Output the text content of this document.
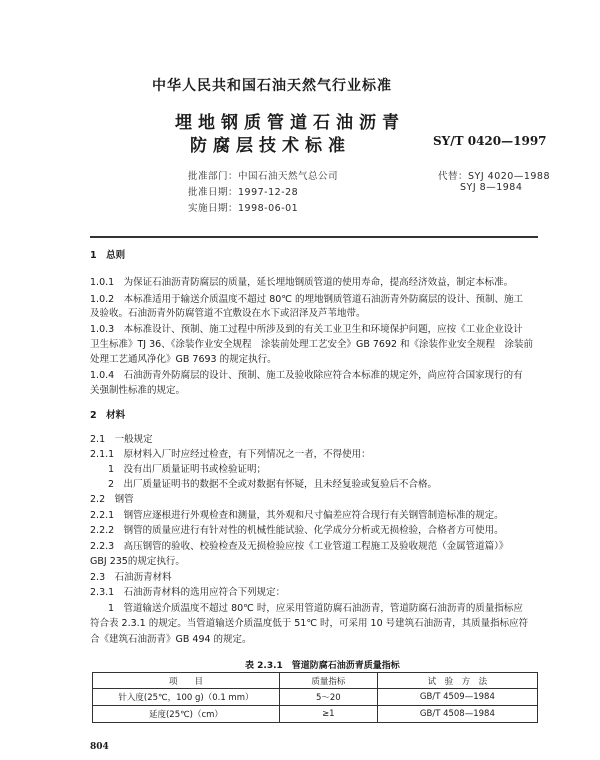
中华人民共和国石油天然气行业标准
埋地钢质管道石油沥青
防腐层技术标准	SY/T 0420—1997
批准部门：中国石油天然气总公司
批准日期：1997-12-28
实施日期：1998-06-01
代替：SYJ 4020—1988
SYJ 8—1984
1　总则
1.0.1　为保证石油沥青防腐层的质量，延长埋地钢质管道的使用寿命，提高经济效益，制定本标准。
1.0.2　本标准适用于输送介质温度不超过 80℃ 的埋地钢质管道石油沥青外防腐层的设计、预制、施工
及验收。石油沥青外防腐管道不宜敷设在水下或沼泽及芦苇地带。
1.0.3　本标准设计、预制、施工过程中所涉及到的有关工业卫生和环境保护问题，应按《工业企业设计
卫生标准》TJ 36、《涂装作业安全规程　涂装前处理工艺安全》GB 7692 和《涂装作业安全规程　涂装前
处理工艺通风净化》GB 7693 的规定执行。
1.0.4　石油沥青外防腐层的设计、预制、施工及验收除应符合本标准的规定外，尚应符合国家现行的有
关强制性标准的规定。
2　材料
2.1　一般规定
2.1.1　原材料入厂时应经过检查，有下列情况之一者，不得使用：
1　没有出厂质量证明书或检验证明；
2　出厂质量证明书的数据不全或对数据有怀疑，且未经复验或复验后不合格。
2.2　钢管
2.2.1　钢管应逐根进行外观检查和测量，其外观和尺寸偏差应符合现行有关钢管制造标准的规定。
2.2.2　钢管的质量应进行有针对性的机械性能试验、化学成分分析或无损检验，合格者方可使用。
2.2.3　高压钢管的验收、校验检查及无损检验应按《工业管道工程施工及验收规范（金属管道篇）》
GBJ 235的规定执行。
2.3　石油沥青材料
2.3.1　石油沥青材料的选用应符合下列规定：
1　管道输送介质温度不超过 80℃ 时，应采用管道防腐石油沥青，管道防腐石油沥青的质量指标应
符合表 2.3.1 的规定。当管道输送介质温度低于 51℃ 时，可采用 10 号建筑石油沥青，其质量指标应符
合《建筑石油沥青》GB 494 的规定。
表 2.3.1　管道防腐石油沥青质量指标
项　　目	质量指标	试　验　方　法
针入度(25℃，100 g)（0.1 mm）	5～20	GB/T 4509—1984
延度(25℃)（cm）	≥1	GB/T 4508—1984
804
